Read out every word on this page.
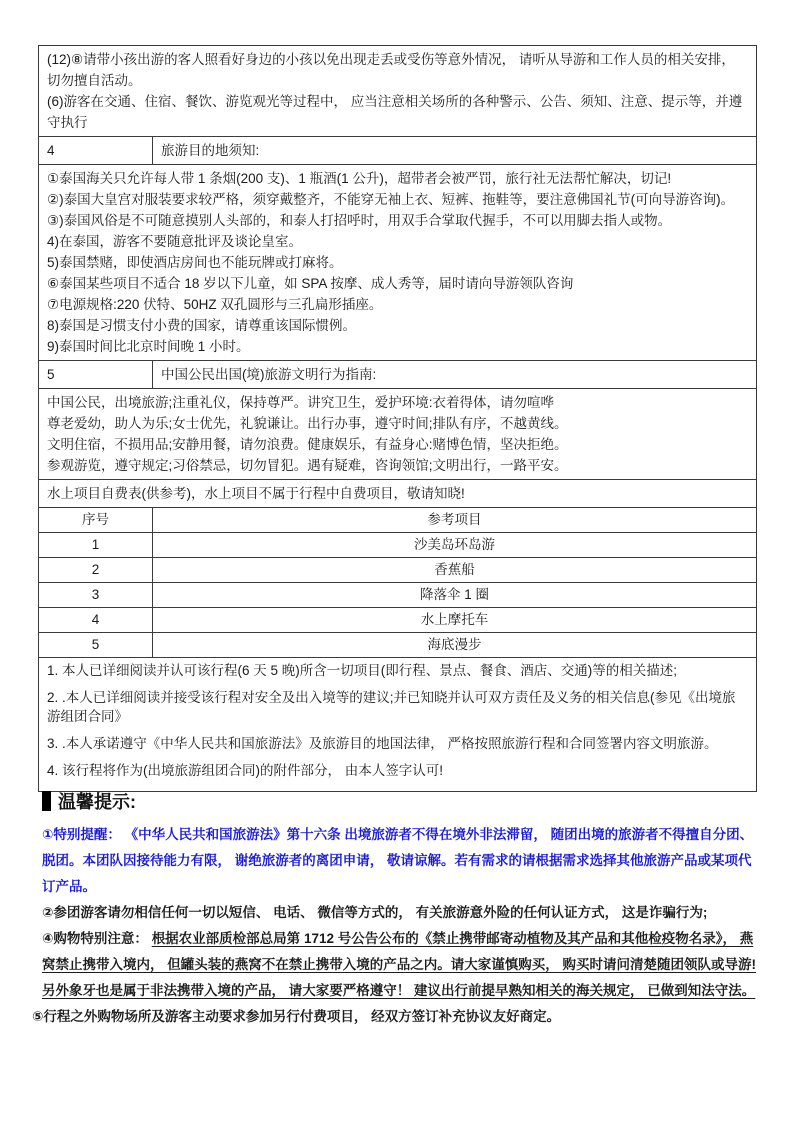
(12)⑧请带小孩出游的客人照看好身边的小孩以免出现走丢或受伤等意外情况， 请听从导游和工作人员的相关安排，切勿擅自活动。
(6)游客在交通、住宿、餐饮、游览观光等过程中， 应当注意相关场所的各种警示、公告、须知、注意、提示等，并遵守执行	

4	旅游目的地须知:

①泰国海关只允许每人带 1 条烟(200 支)、1 瓶酒(1 公升)，超带者会被严罚，旅行社无法帮忙解决，切记!
②)泰国大皇宫对服装要求较严格，须穿戴整齐，不能穿无袖上衣、短裤、拖鞋等，要注意佛国礼节(可向导游咨询)。
③)泰国风俗是不可随意摸别人头部的，和泰人打招呼时，用双手合掌取代握手，不可以用脚去指人或物。
4)在泰国，游客不要随意批评及谈论皇室。
5)泰国禁赌，即使酒店房间也不能玩牌或打麻将。
⑥泰国某些项目不适合 18 岁以下儿童，如 SPA 按摩、成人秀等，届时请向导游领队咨询
⑦电源规格:220 伏特、50HZ 双孔圆形与三孔扁形插座。
8)泰国是习惯支付小费的国家，请尊重该国际惯例。
9)泰国时间比北京时间晚 1 小时。

5	中国公民出国(境)旅游文明行为指南:

中国公民，出境旅游;注重礼仪，保持尊严。讲究卫生，爱护环境:衣着得体，请勿喧哗
尊老爱幼，助人为乐;女士优先，礼貌谦让。出行办事，遵守时间;排队有序，不越黄线。
文明住宿，不损用品;安静用餐，请勿浪费。健康娱乐，有益身心:赌博色情，坚决拒绝。
参观游览，遵守规定;习俗禁忌，切勿冒犯。遇有疑难，咨询领馆;文明出行，一路平安。	

水上项目自费表(供参考)，水上项目不属于行程中自费项目，敬请知晓!	
序号	参考项目
1	沙美岛环岛游
2	香蕉船
3	降落伞 1 圈
4	水上摩托车
5	海底漫步

1. 本人已详细阅读并认可该行程(6 天 5 晚)所含一切项目(即行程、景点、餐食、酒店、交通)等的相关描述;
2. .本人已详细阅读并接受该行程对安全及出入境等的建议;并已知晓并认可双方责任及义务的相关信息(参见《出境旅游组团合同》
3. .本人承诺遵守《中华人民共和国旅游法》及旅游目的地国法律， 严格按照旅游行程和合同签署内容文明旅游。
4. 该行程将作为(出境旅游组团合同)的附件部分， 由本人签字认可!	
温馨提示:

①特别提醒： 《中华人民共和国旅游法》第十六条 出境旅游者不得在境外非法滞留， 随团出境的旅游者不得擅自分团、脱团。本团队因接待能力有限， 谢绝旅游者的离团申请， 敬请谅解。若有需求的请根据需求选择其他旅游产品或某项代订产品。

②参团游客请勿相信任何一切以短信、 电话、 微信等方式的， 有关旅游意外险的任何认证方式， 这是诈骗行为;

④购物特别注意： 根据农业部质检部总局第 1712 号公告公布的《禁止携带邮寄动植物及其产品和其他检疫物名录》， 燕窝禁止携带入境内， 但罐头装的燕窝不在禁止携带入境的产品之内。请大家谨慎购买， 购买时请问清楚随团领队或导游! 另外象牙也是属于非法携带入境的产品， 请大家要严格遵守！ 建议出行前提早熟知相关的海关规定， 已做到知法守法。

⑤行程之外购物场所及游客主动要求参加另行付费项目， 经双方签订补充协议友好商定。
